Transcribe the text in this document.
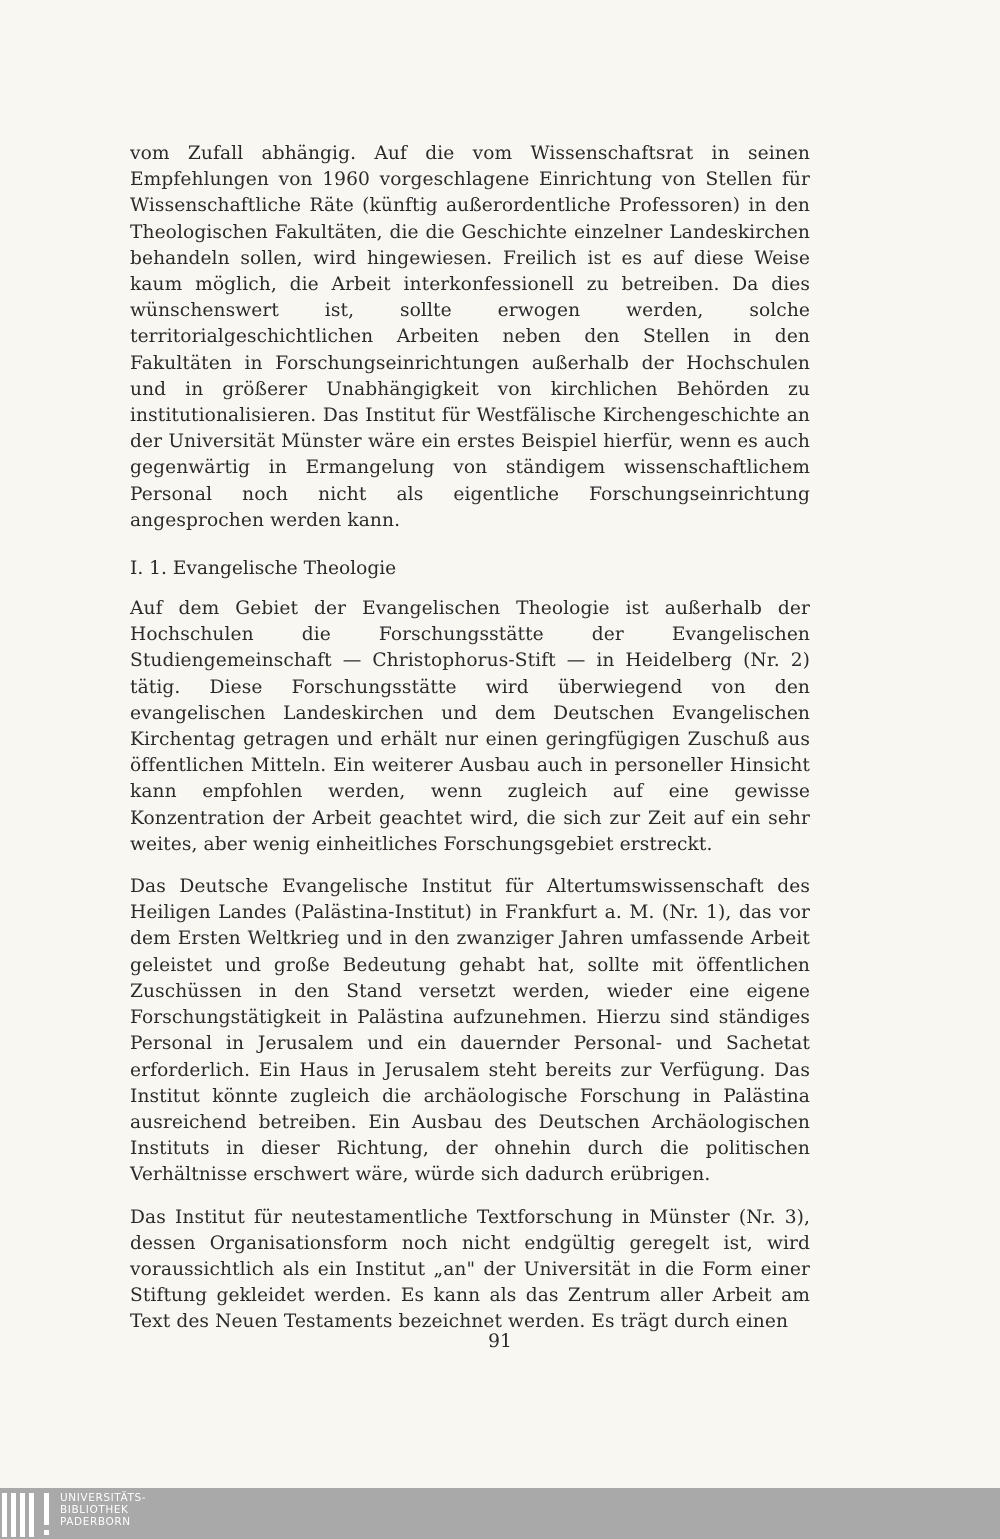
vom Zufall abhängig. Auf die vom Wissenschaftsrat in seinen Empfehlungen von 1960 vorgeschlagene Einrichtung von Stellen für Wissenschaftliche Räte (künftig außerordentliche Professoren) in den Theologischen Fakultäten, die die Geschichte einzelner Landeskirchen behandeln sollen, wird hingewiesen. Freilich ist es auf diese Weise kaum möglich, die Arbeit interkonfessionell zu betreiben. Da dies wünschenswert ist, sollte erwogen werden, solche territorialgeschichtlichen Arbeiten neben den Stellen in den Fakultäten in Forschungseinrichtungen außerhalb der Hochschulen und in größerer Unabhängigkeit von kirchlichen Behörden zu institutionalisieren. Das Institut für Westfälische Kirchengeschichte an der Universität Münster wäre ein erstes Beispiel hierfür, wenn es auch gegenwärtig in Ermangelung von ständigem wissenschaftlichem Personal noch nicht als eigentliche Forschungseinrichtung angesprochen werden kann.

I. 1. Evangelische Theologie

Auf dem Gebiet der Evangelischen Theologie ist außerhalb der Hochschulen die Forschungsstätte der Evangelischen Studiengemeinschaft — Christophorus-Stift — in Heidelberg (Nr. 2) tätig. Diese Forschungsstätte wird überwiegend von den evangelischen Landeskirchen und dem Deutschen Evangelischen Kirchentag getragen und erhält nur einen geringfügigen Zuschuß aus öffentlichen Mitteln. Ein weiterer Ausbau auch in personeller Hinsicht kann empfohlen werden, wenn zugleich auf eine gewisse Konzentration der Arbeit geachtet wird, die sich zur Zeit auf ein sehr weites, aber wenig einheitliches Forschungsgebiet erstreckt.

Das Deutsche Evangelische Institut für Altertumswissenschaft des Heiligen Landes (Palästina-Institut) in Frankfurt a. M. (Nr. 1), das vor dem Ersten Weltkrieg und in den zwanziger Jahren umfassende Arbeit geleistet und große Bedeutung gehabt hat, sollte mit öffentlichen Zuschüssen in den Stand versetzt werden, wieder eine eigene Forschungstätigkeit in Palästina aufzunehmen. Hierzu sind ständiges Personal in Jerusalem und ein dauernder Personal- und Sachetat erforderlich. Ein Haus in Jerusalem steht bereits zur Verfügung. Das Institut könnte zugleich die archäologische Forschung in Palästina ausreichend betreiben. Ein Ausbau des Deutschen Archäologischen Instituts in dieser Richtung, der ohnehin durch die politischen Verhältnisse erschwert wäre, würde sich dadurch erübrigen.

Das Institut für neutestamentliche Textforschung in Münster (Nr. 3), dessen Organisationsform noch nicht endgültig geregelt ist, wird voraussichtlich als ein Institut „an" der Universität in die Form einer Stiftung gekleidet werden. Es kann als das Zentrum aller Arbeit am Text des Neuen Testaments bezeichnet werden. Es trägt durch einen

91
UNIVERSITÄTS-
BIBLIOTHEK
PADERBORN
